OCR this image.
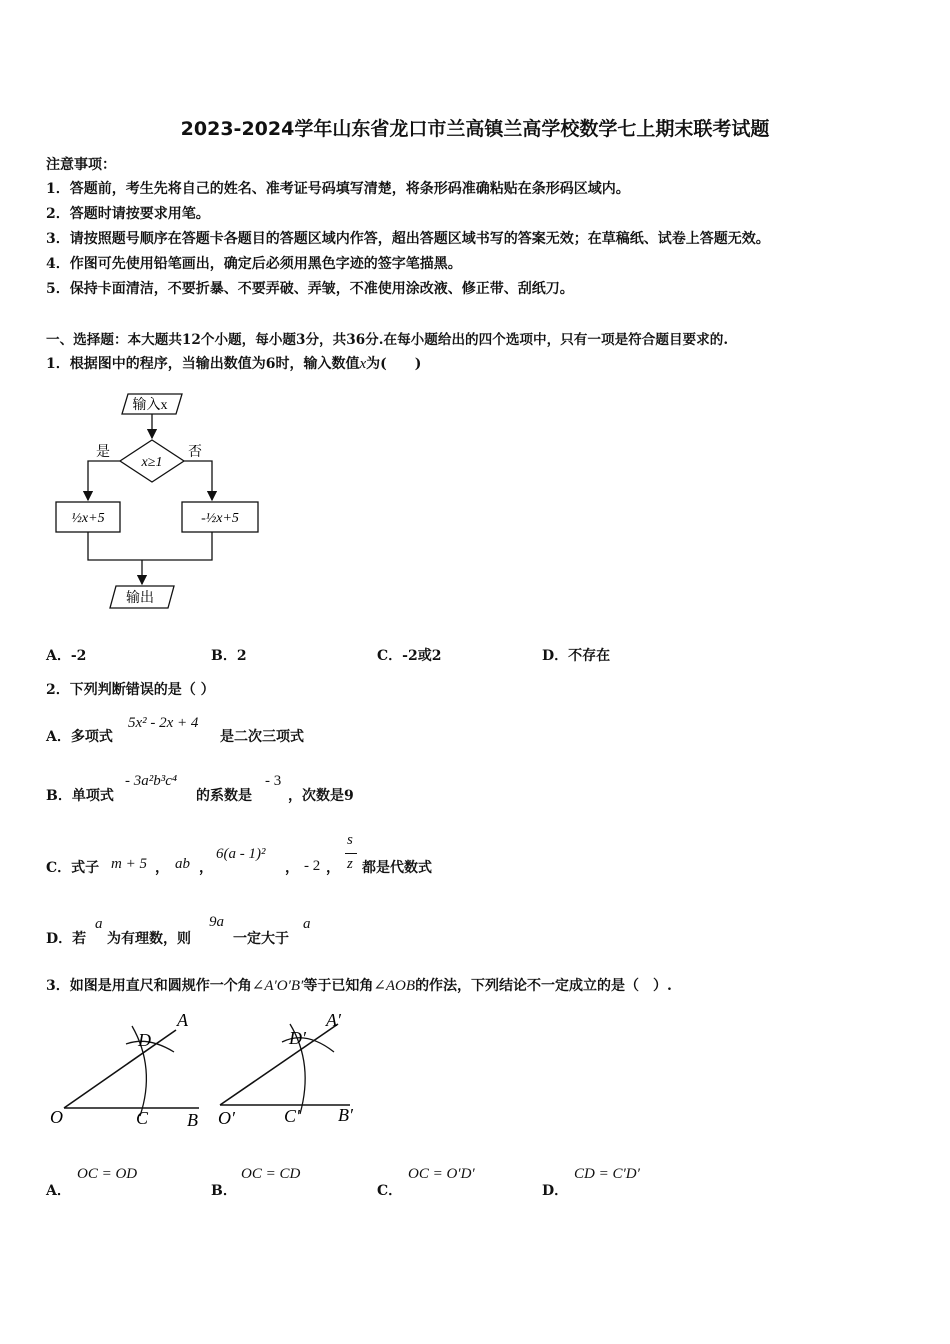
2023-2024学年山东省龙口市兰高镇兰高学校数学七上期末联考试题
注意事项：
1．答题前，考生先将自己的姓名、准考证号码填写清楚，将条形码准确粘贴在条形码区域内。
2．答题时请按要求用笔。
3．请按照题号顺序在答题卡各题目的答题区域内作答，超出答题区域书写的答案无效；在草稿纸、试卷上答题无效。
4．作图可先使用铅笔画出，确定后必须用黑色字迹的签字笔描黑。
5．保持卡面清洁，不要折暴、不要弄破、弄皱，不准使用涂改液、修正带、刮纸刀。
一、选择题：本大题共12个小题，每小题3分，共36分.在每小题给出的四个选项中，只有一项是符合题目要求的.
1．根据图中的程序，当输出数值为6时，输入数值x为(　　)
输入x
x≥1
是	否
½x+5	-½x+5
输出
A．-2	B．2	C．-2或2	D．不存在
2．下列判断错误的是（ ）
A．多项式
5x² - 2x + 4
是二次三项式
B．单项式
- 3a²b³c⁴
的系数是
- 3
，次数是9
C．式子 m + 5 ， ab ，
6(a - 1)²
， - 2 ，
s
z 都是代数式
D．若
a
为有理数，则
9a
一定大于
a
3．如图是用直尺和圆规作一个角∠A′O′B′等于已知角∠AOB的作法，下列结论不一定成立的是（　）.
O	C B
D
A
O′	C′ B′
D′
A′
A．
OC = OD
B．
OC = CD
C．
OC = O′D′
D．
CD = C′D′
